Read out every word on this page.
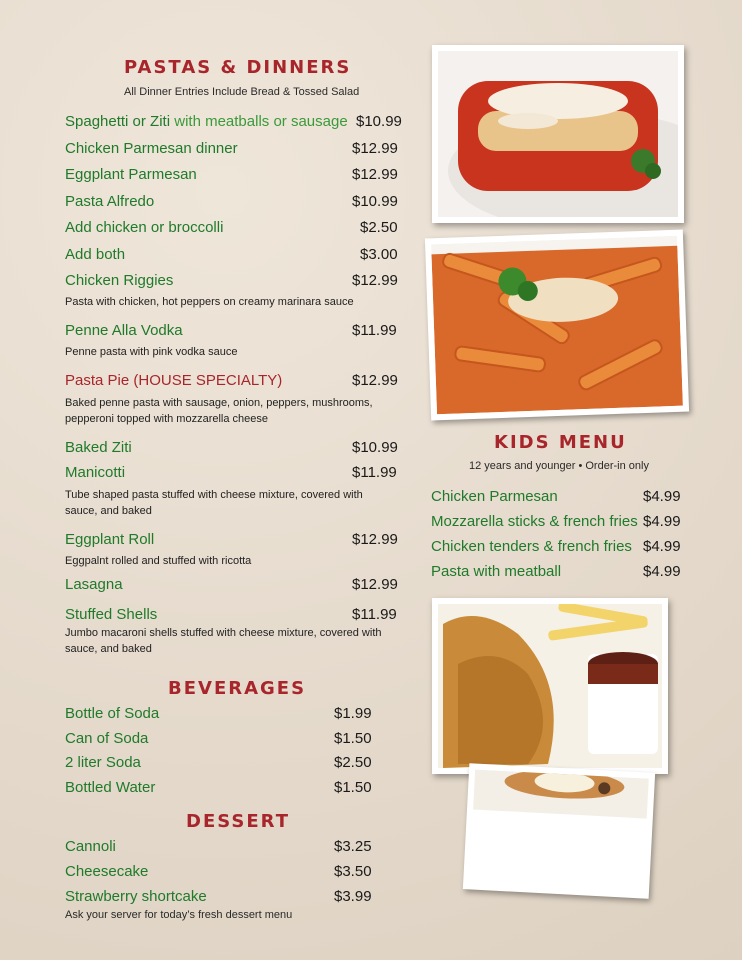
PASTAS & DINNERS
All Dinner Entries Include Bread & Tossed Salad
Spaghetti or Ziti with meatballs or sausage $10.99
Chicken Parmesan dinner	$12.99
Eggplant Parmesan	$12.99
Pasta Alfredo	$10.99
Add chicken or broccolli	$2.50
Add both	$3.00
Chicken Riggies	$12.99
Pasta with chicken, hot peppers on creamy marinara sauce
Penne Alla Vodka	$11.99
Penne pasta with pink vodka sauce
Pasta Pie (HOUSE SPECIALTY)	$12.99
Baked penne pasta with sausage, onion, peppers, mushrooms, pepperoni topped with mozzarella cheese
Baked Ziti	$10.99
Manicotti	$11.99
Tube shaped pasta stuffed with cheese mixture, covered with sauce, and baked
Eggplant Roll	$12.99
Eggpalnt rolled and stuffed with ricotta
Lasagna	$12.99
Stuffed Shells	$11.99
Jumbo macaroni shells stuffed with cheese mixture, covered with sauce, and baked
BEVERAGES
Bottle of Soda	$1.99
Can of Soda	$1.50
2 liter Soda	$2.50
Bottled Water	$1.50
DESSERT
Cannoli	$3.25
Cheesecake	$3.50
Strawberry shortcake	$3.99
Ask your server for today’s fresh dessert menu
KIDS MENU
12 years and younger • Order-in only
Chicken Parmesan	$4.99
Mozzarella sticks & french fries $4.99
Chicken tenders & french fries $4.99
Pasta with meatball	$4.99
